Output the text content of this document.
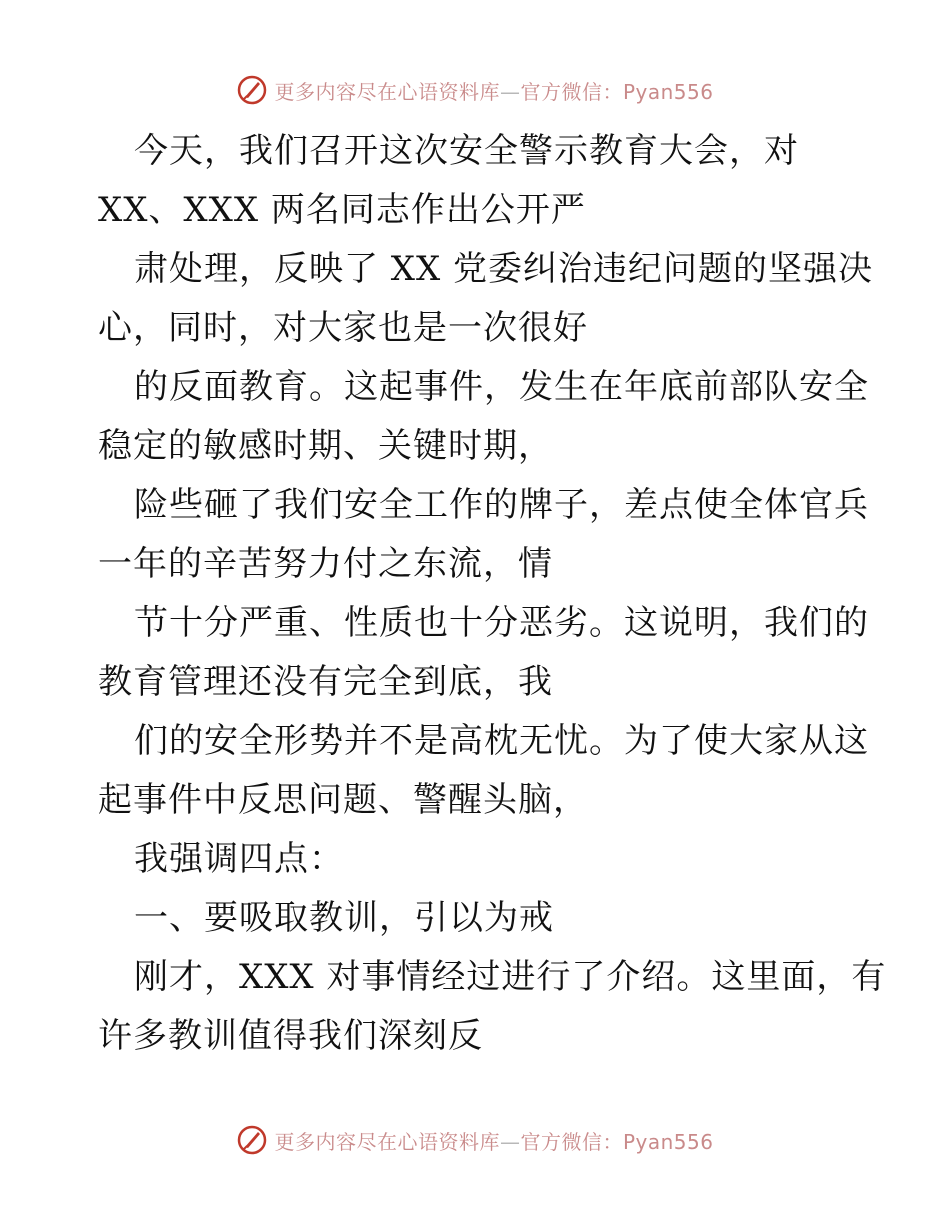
更多内容尽在心语资料库—官方微信：Pyan556
今天，我们召开这次安全警示教育大会，对
XX、XXX 两名同志作出公开严
肃处理，反映了 XX 党委纠治违纪问题的坚强决
心，同时，对大家也是一次很好
的反面教育。这起事件，发生在年底前部队安全
稳定的敏感时期、关键时期，
险些砸了我们安全工作的牌子，差点使全体官兵
一年的辛苦努力付之东流，情
节十分严重、性质也十分恶劣。这说明，我们的
教育管理还没有完全到底，我
们的安全形势并不是高枕无忧。为了使大家从这
起事件中反思问题、警醒头脑，
我强调四点：
一、要吸取教训，引以为戒
刚才，XXX 对事情经过进行了介绍。这里面，有
许多教训值得我们深刻反
更多内容尽在心语资料库—官方微信：Pyan556
